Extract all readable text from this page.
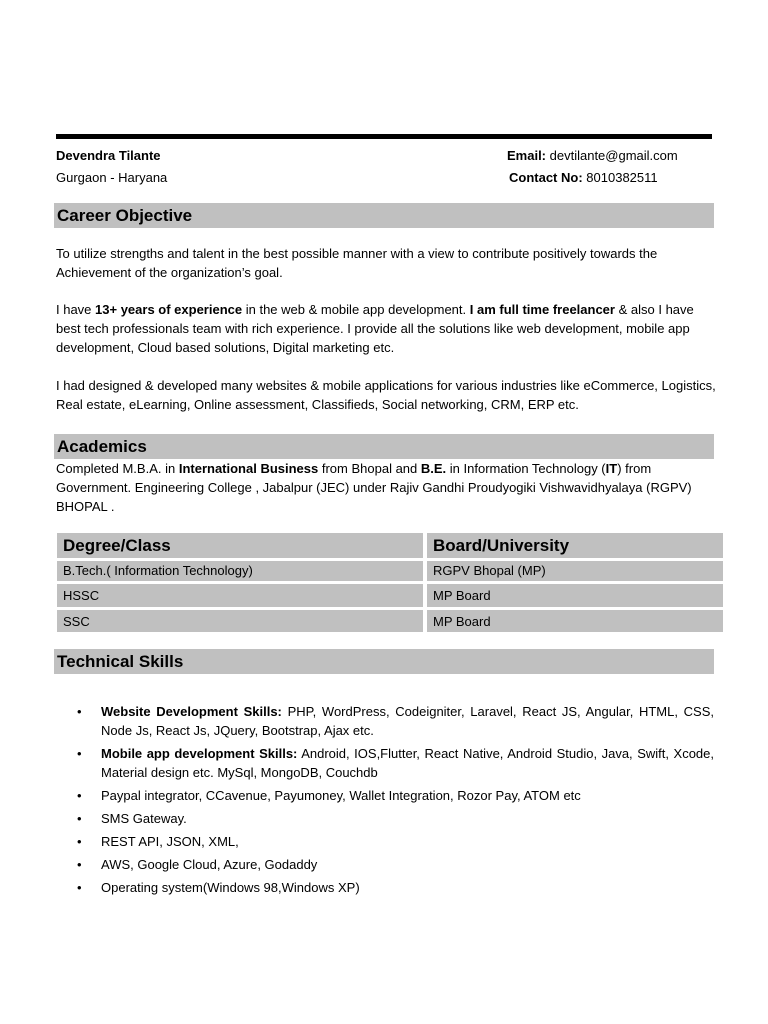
Devendra Tilante
Gurgaon - Haryana
Email: devtilante@gmail.com
Contact No: 8010382511
Career Objective
To utilize strengths and talent in the best possible manner with a view to contribute positively towards the Achievement of the organization’s goal.
I have 13+ years of experience in the web & mobile app development. I am full time freelancer & also I have best tech professionals team with rich experience. I provide all the solutions like web development, mobile app development, Cloud based solutions, Digital marketing etc.
I had designed & developed many websites & mobile applications for various industries like eCommerce, Logistics, Real estate, eLearning, Online assessment, Classifieds, Social networking, CRM, ERP etc.
Academics
Completed M.B.A. in International Business from Bhopal and B.E. in Information Technology (IT) from Government. Engineering College , Jabalpur (JEC) under Rajiv Gandhi Proudyogiki Vishwavidhyalaya (RGPV) BHOPAL .
Degree/Class	Board/University
B.Tech.( Information Technology)	RGPV Bhopal (MP)
HSSC	MP Board
SSC	MP Board
Technical Skills
• Website Development Skills: PHP, WordPress, Codeigniter, Laravel, React JS, Angular, HTML, CSS, Node Js, React Js, JQuery, Bootstrap, Ajax etc.
• Mobile app development Skills: Android, IOS,Flutter, React Native, Android Studio, Java, Swift, Xcode, Material design etc. MySql, MongoDB, Couchdb
• Paypal integrator, CCavenue, Payumoney, Wallet Integration, Rozor Pay, ATOM etc
• SMS Gateway.
• REST API, JSON, XML,
• AWS, Google Cloud, Azure, Godaddy
• Operating system(Windows 98,Windows XP)
